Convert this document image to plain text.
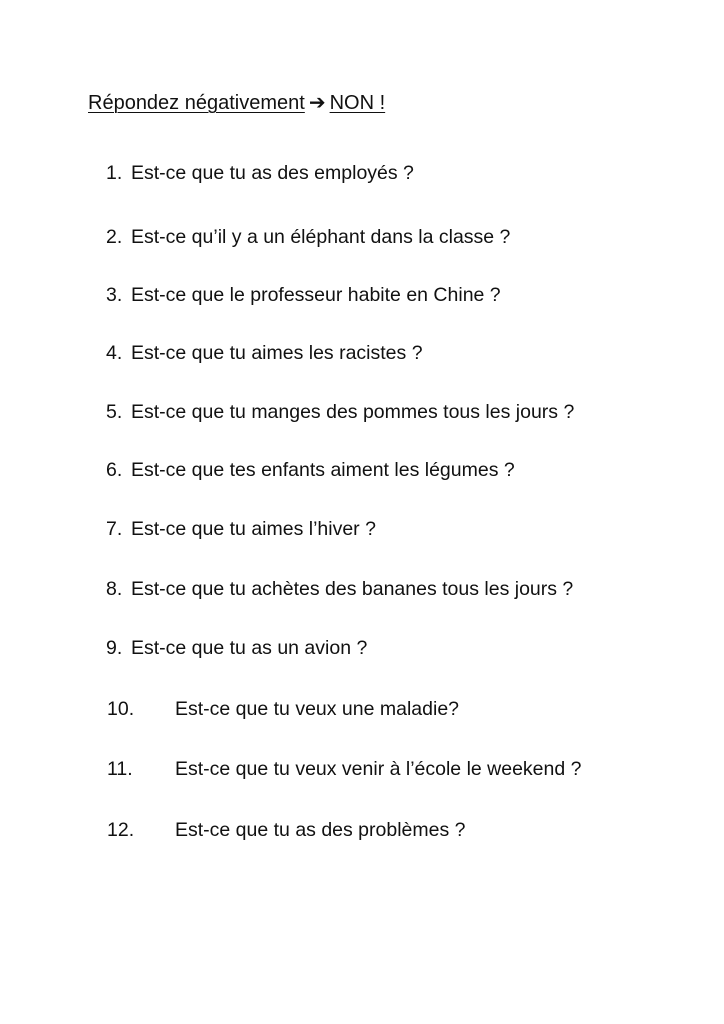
Répondez négativement ➔ NON !
1. Est-ce que tu as des employés ?
2. Est-ce qu’il y a un éléphant dans la classe ?
3. Est-ce que le professeur habite en Chine ?
4. Est-ce que tu aimes les racistes ?
5. Est-ce que tu manges des pommes tous les jours ?
6. Est-ce que tes enfants aiment les légumes ?
7. Est-ce que tu aimes l’hiver ?
8. Est-ce que tu achètes des bananes tous les jours ?
9. Est-ce que tu as un avion ?
10. Est-ce que tu veux une maladie?
11. Est-ce que tu veux venir à l’école le weekend ?
12. Est-ce que tu as des problèmes ?
